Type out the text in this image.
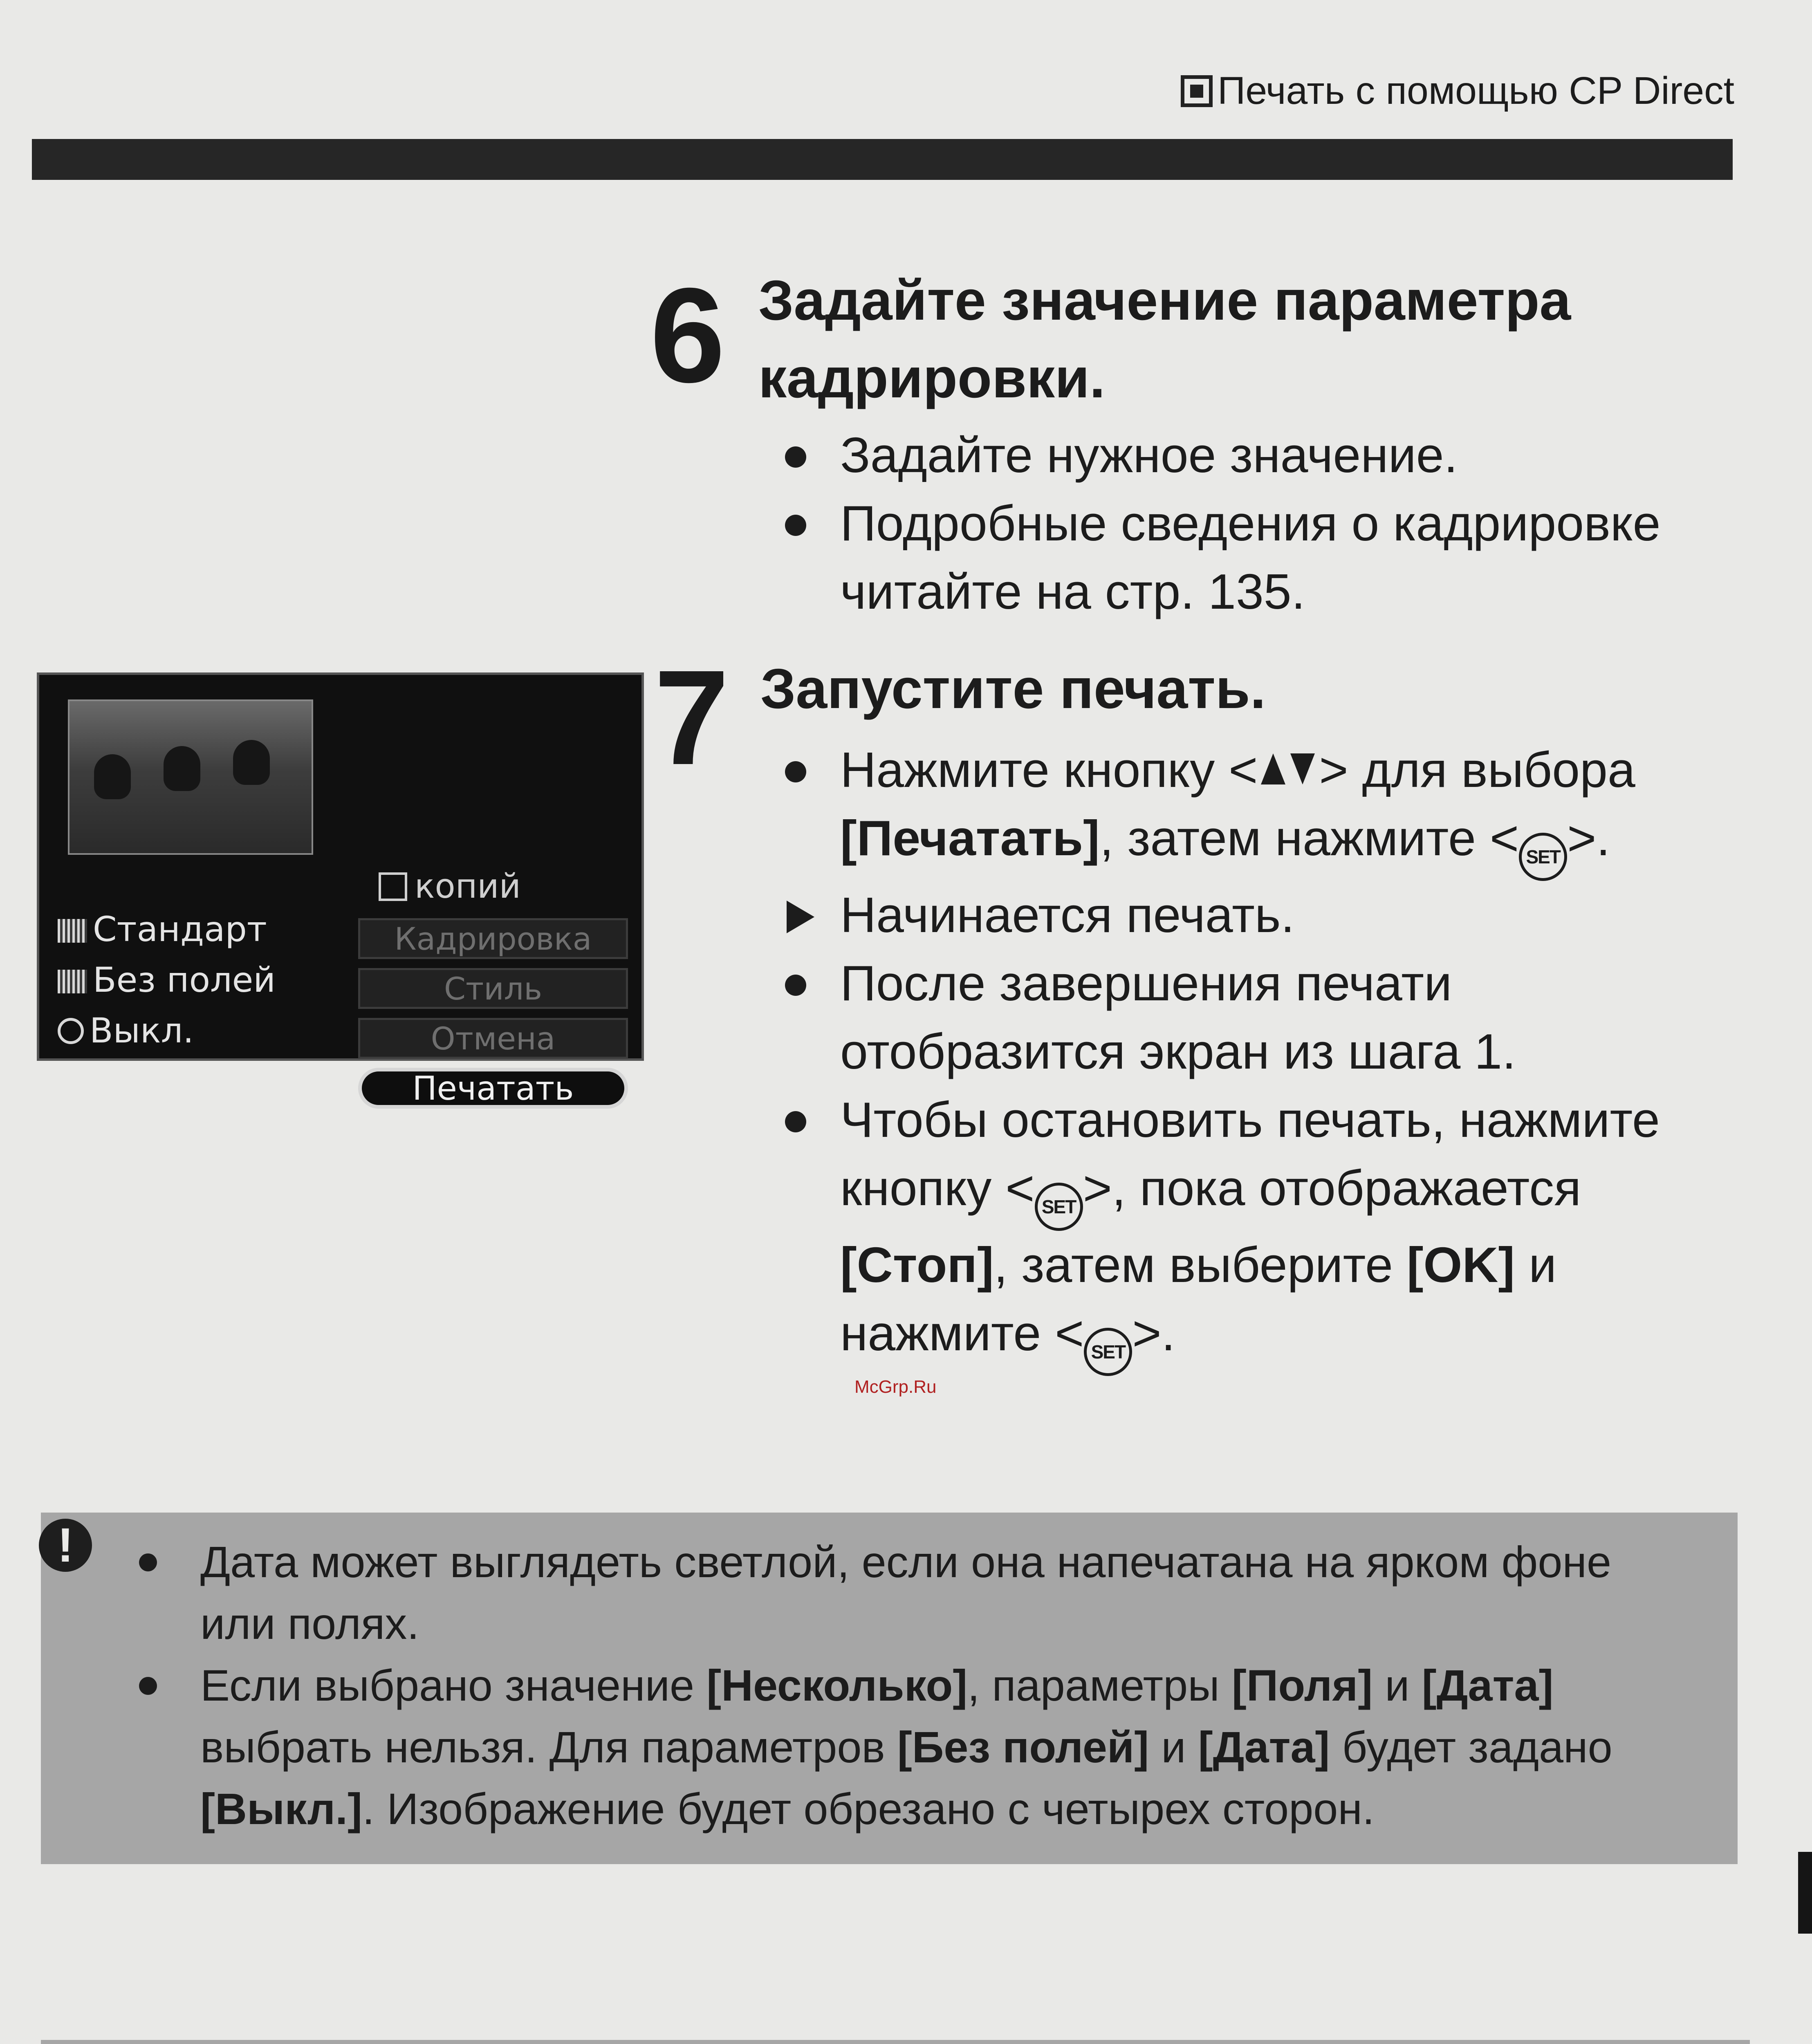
Печать с помощью CP Direct
6 Задайте значение параметра
кадрировки.
Задайте нужное значение.
Подробные сведения о кадрировке
читайте на стр. 135.
копий
Стандарт
Без полей
Выкл.
Кадрировка
Стиль
Отмена
Печатать
7 Запустите печать.
Нажмите кнопку < > для выбора
[Печатать], затем нажмите < SET >.
Начинается печать.
После завершения печати
отобразится экран из шага 1.
Чтобы остановить печать, нажмите
кнопку < SET >, пока отображается
[Стоп], затем выберите [OK] и
нажмите < SET >.
McGrp.Ru
!	Дата может выглядеть светлой, если она напечатана на ярком фоне
или полях.
Если выбрано значение [Несколько], параметры [Поля] и [Дата]
выбрать нельзя. Для параметров [Без полей] и [Дата] будет задано
[Выкл.]. Изображение будет обрезано с четырех сторон.
